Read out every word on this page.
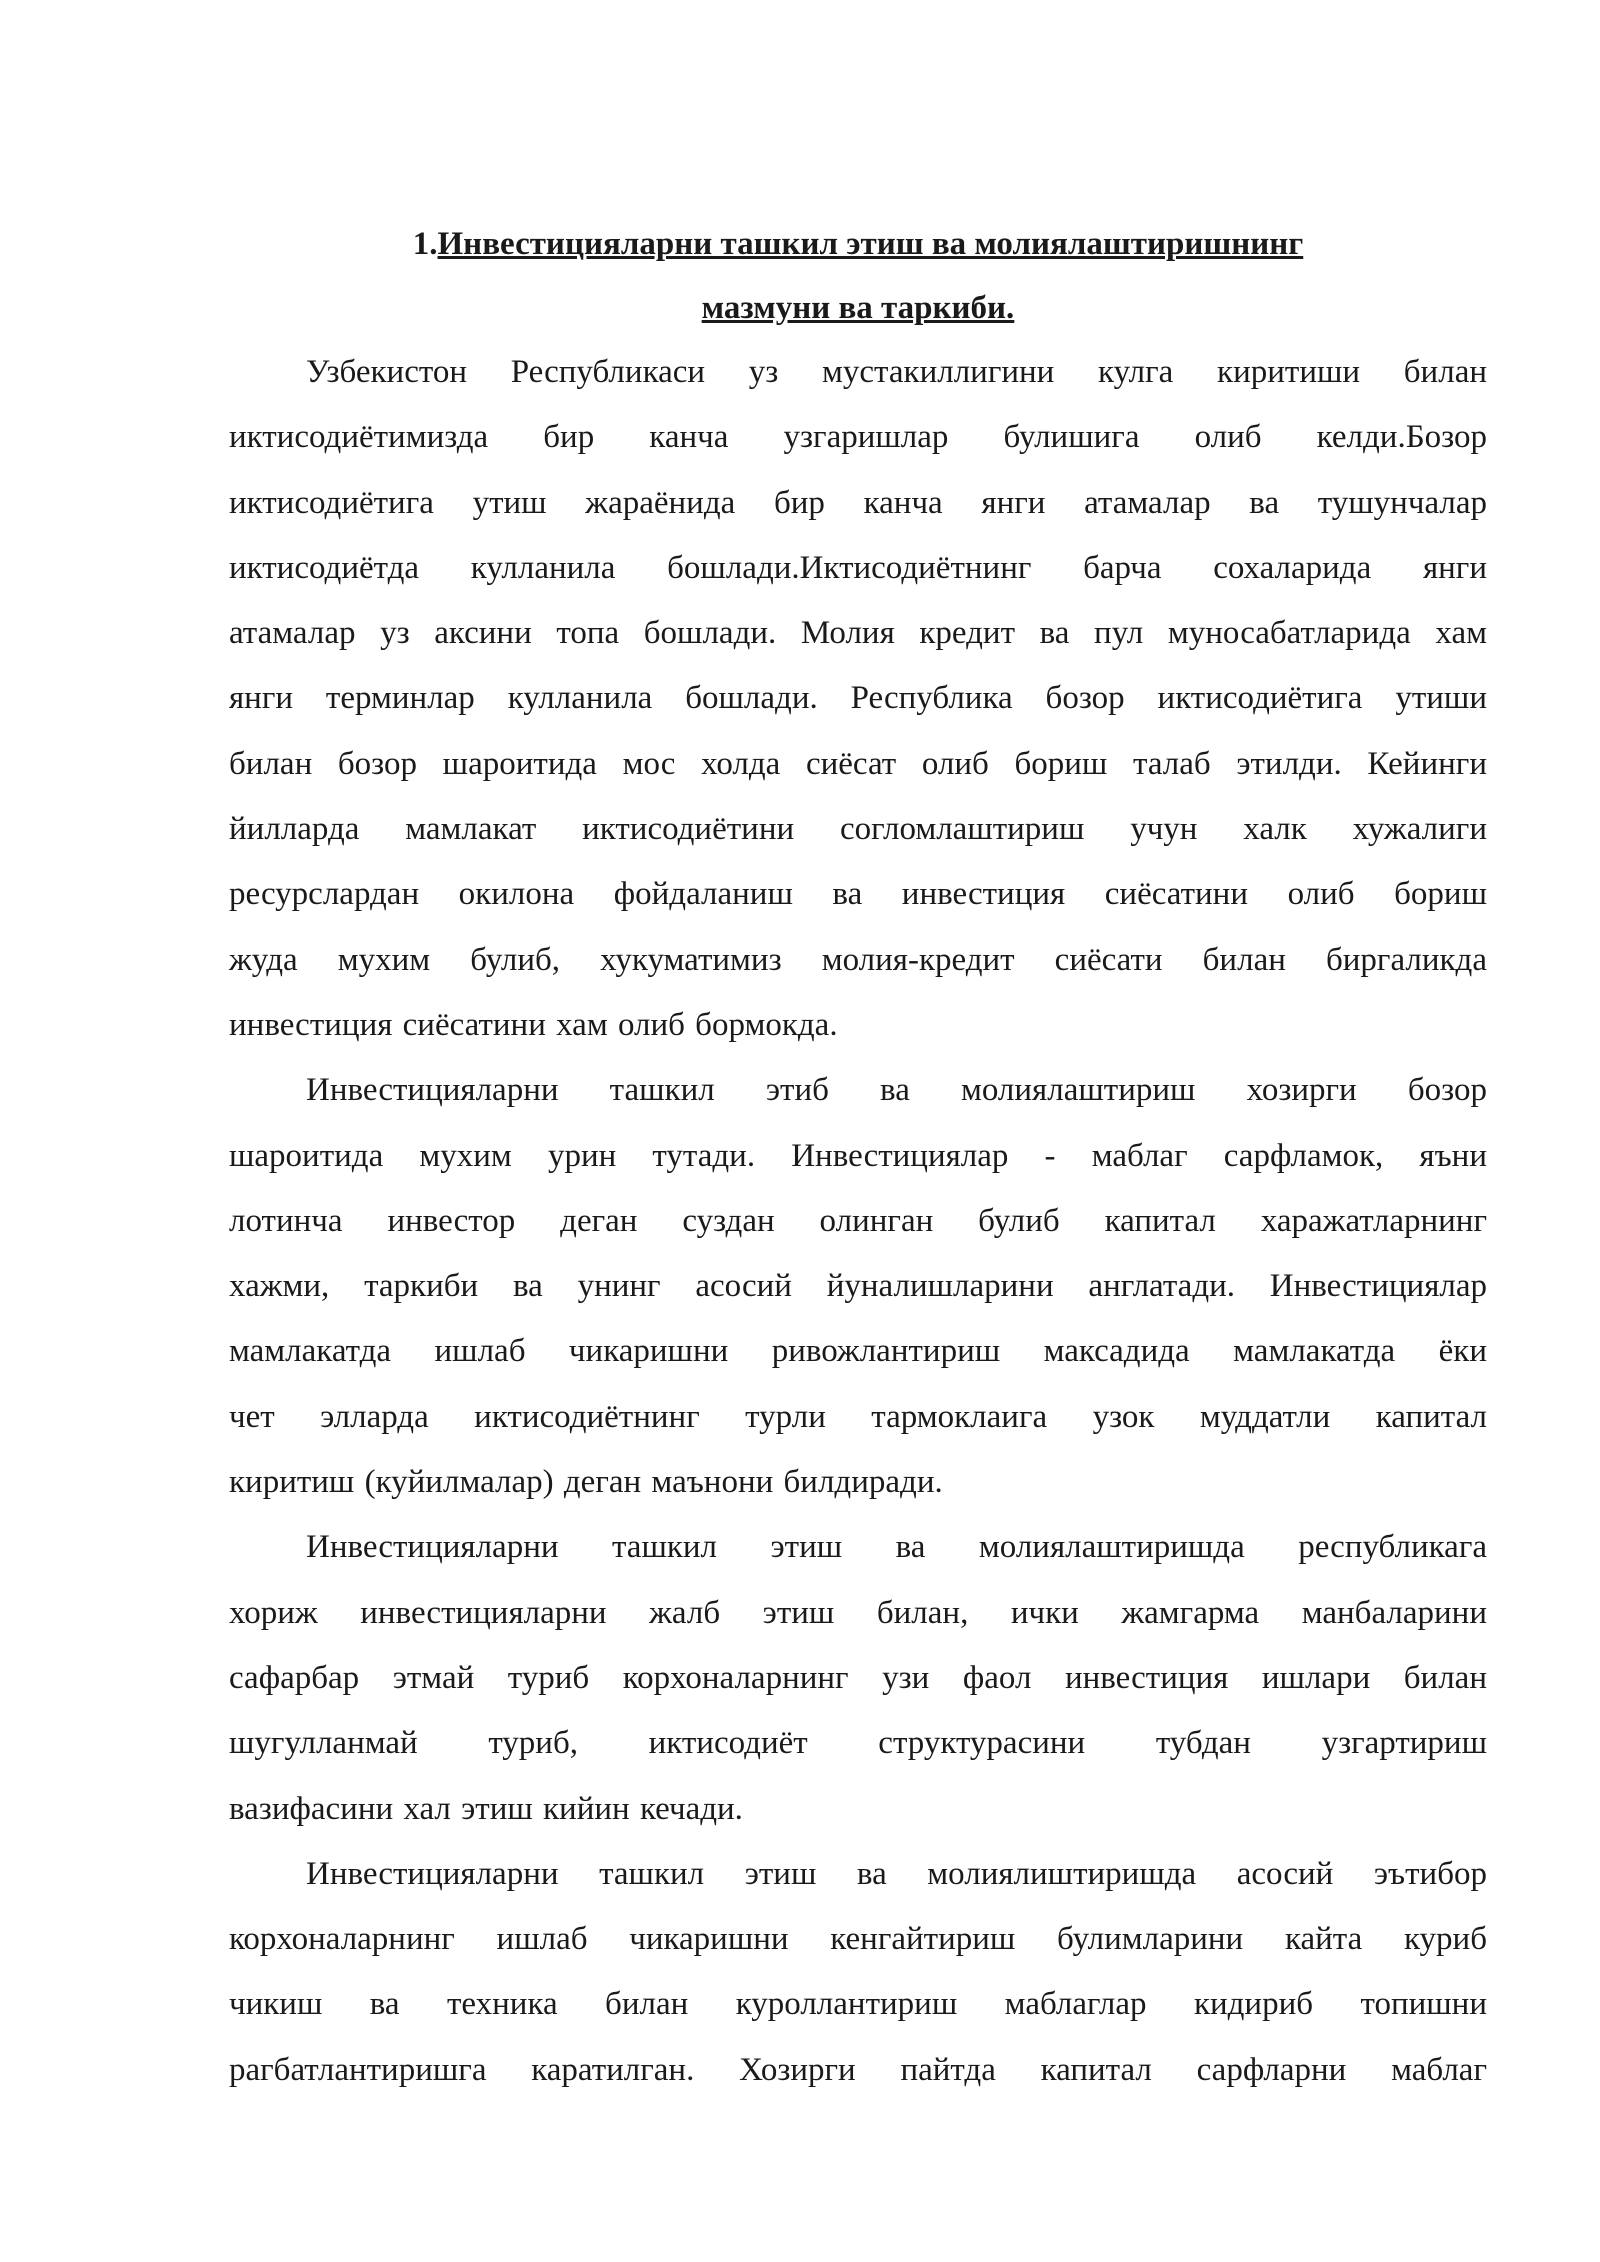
1.Инвестицияларни ташкил этиш ва молиялаштиришнинг
мазмуни ва таркиби.
Узбекистон Республикаси уз мустакиллигини кулга киритиши билан
иктисодиётимизда бир канча узгаришлар булишига олиб келди.Бозор
иктисодиётига утиш жараёнида бир канча янги атамалар ва тушунчалар
иктисодиётда кулланила бошлади.Иктисодиётнинг барча сохаларида янги
атамалар уз аксини топа бошлади. Молия кредит ва пул муносабатларида хам
янги терминлар кулланила бошлади. Республика бозор иктисодиётига утиши
билан бозор шароитида мос холда сиёсат олиб бориш талаб этилди. Кейинги
йилларда мамлакат иктисодиётини согломлаштириш учун халк хужалиги
ресурслардан окилона фойдаланиш ва инвестиция сиёсатини олиб бориш
жуда мухим булиб, хукуматимиз молия-кредит сиёсати билан биргаликда
инвестиция сиёсатини хам олиб бормокда.
Инвестицияларни ташкил этиб ва молиялаштириш хозирги бозор
шароитида мухим урин тутади. Инвестициялар - маблаг сарфламок, яъни
лотинча инвестор деган суздан олинган булиб капитал харажатларнинг
хажми, таркиби ва унинг асосий йуналишларини англатади. Инвестициялар
мамлакатда ишлаб чикаришни ривожлантириш максадида мамлакатда ёки
чет элларда иктисодиётнинг турли тармоклаига узок муддатли капитал
киритиш (куйилмалар) деган маънони билдиради.
Инвестицияларни ташкил этиш ва молиялаштиришда республикага
хориж инвестицияларни жалб этиш билан, ички жамгарма манбаларини
сафарбар этмай туриб корхоналарнинг узи фаол инвестиция ишлари билан
шугулланмай туриб, иктисодиёт структурасини тубдан узгартириш
вазифасини хал этиш кийин кечади.
Инвестицияларни ташкил этиш ва молиялиштиришда асосий эътибор
корхоналарнинг ишлаб чикаришни кенгайтириш булимларини кайта куриб
чикиш ва техника билан куроллантириш маблаглар кидириб топишни
рагбатлантиришга каратилган. Хозирги пайтда капитал сарфларни маблаг
